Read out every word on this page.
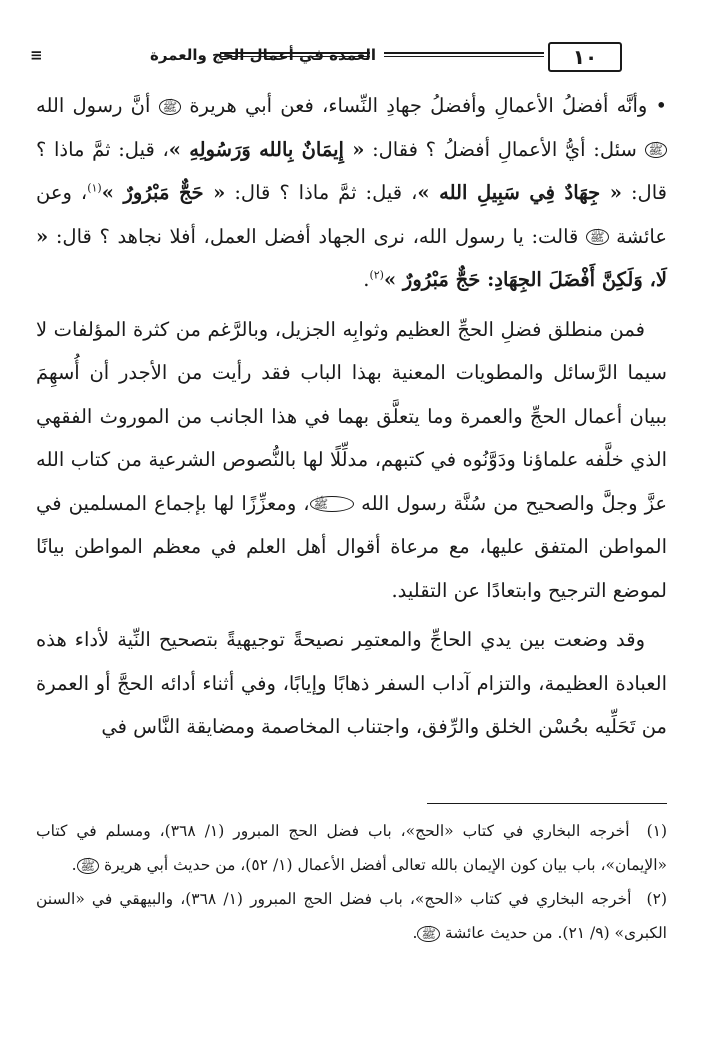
١٠
العمدة في أعمال الحج والعمرة
≡

• وأنَّه أفضلُ الأعمالِ وأفضلُ جهادِ النِّساء، فعن أبي هريرة ﷺ أنَّ رسول الله ﷺ سئل: أيُّ الأعمالِ أفضلُ ؟ فقال: « إِيمَانٌ بِالله وَرَسُولِهِ »، قيل: ثمَّ ماذا ؟ قال: « جِهَادٌ فِي سَبِيلِ الله »، قيل: ثمَّ ماذا ؟ قال: « حَجٌّ مَبْرُورٌ »$^{(١)}$، وعن عائشة ﷺ قالت: يا رسول الله، نرى الجهاد أفضل العمل، أفلا نجاهد ؟ قال: « لَا، وَلَكِنَّ أَفْضَلَ الجِهَادِ: حَجٌّ مَبْرُورٌ »$^{(٢)}$.

فمن منطلق فضلِ الحجِّ العظيم وثوابِه الجزيل، وبالرَّغم من كثرة المؤلفات لا سيما الرَّسائل والمطويات المعنية بهذا الباب فقد رأيت من الأجدر أن أُسهِمَ ببيان أعمال الحجِّ والعمرة وما يتعلَّق بهما في هذا الجانب من الموروث الفقهي الذي خلَّفه علماؤنا ودَوَّنُوه في كتبهم، مدلِّلًا لها بالنُّصوص الشرعية من كتاب الله عزَّ وجلَّ والصحيح من سُنَّة رسول الله ﷺ، ومعزِّزًا لها بإجماع المسلمين في المواطن المتفق عليها، مع مرعاة أقوال أهل العلم في معظم المواطن بيانًا لموضع الترجيح وابتعادًا عن التقليد.

وقد وضعت بين يدي الحاجِّ والمعتمِر نصيحةً توجيهيةً بتصحيح النِّية لأداء هذه العبادة العظيمة، والتزام آداب السفر ذهابًا وإيابًا، وفي أثناء أدائه الحجَّ أو العمرة من تَحَلِّيه بحُسْن الخلق والرِّفق، واجتناب المخاصمة ومضايقة النَّاس في

(١) أخرجه البخاري في كتاب «الحج»، باب فضل الحج المبرور (١/ ٣٦٨)، ومسلم في كتاب «الإيمان»، باب بيان كون الإيمان بالله تعالى أفضل الأعمال (١/ ٥٢)، من حديث أبي هريرة ﷺ.

(٢) أخرجه البخاري في كتاب «الحج»، باب فضل الحج المبرور (١/ ٣٦٨)، والبيهقي في «السنن الكبرى» (٩/ ٢١). من حديث عائشة ﷺ.
